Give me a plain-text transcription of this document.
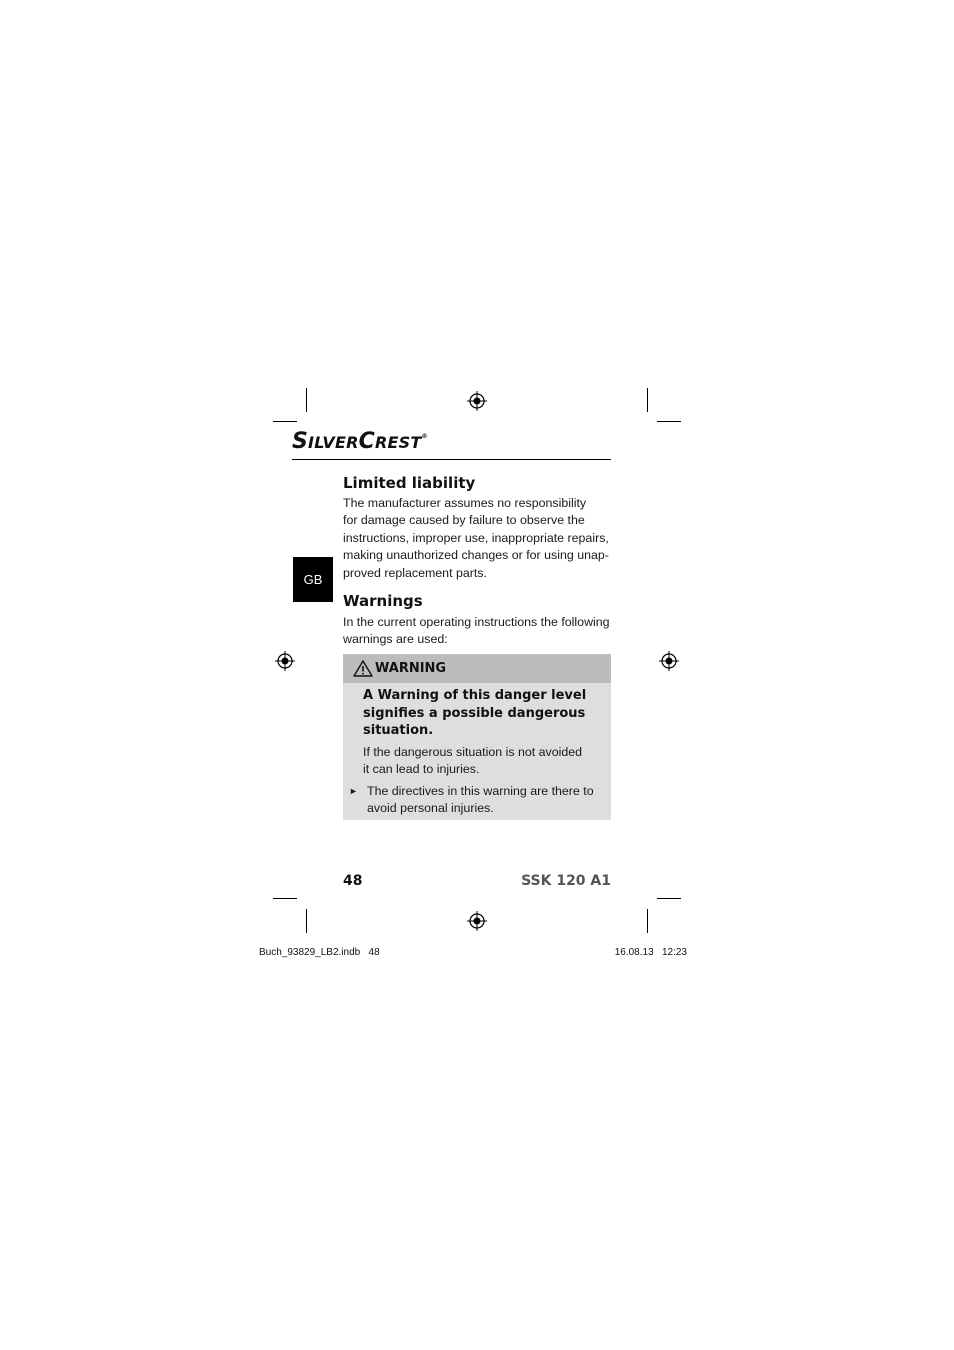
SILVERCREST®
GB
Limited liability

The manufacturer assumes no responsibility
for damage caused by failure to observe the
instructions, improper use, inappropriate repairs,
making unauthorized changes or for using unap-
proved replacement parts.

Warnings

In the current operating instructions the following
warnings are used:

WARNING
A Warning of this danger level
signifies a possible dangerous
situation.
If the dangerous situation is not avoided
it can lead to injuries.
► The directives in this warning are there to
avoid personal injuries.
48	SSK 120 A1
Buch_93829_LB2.indb   48	16.08.13   12:23
